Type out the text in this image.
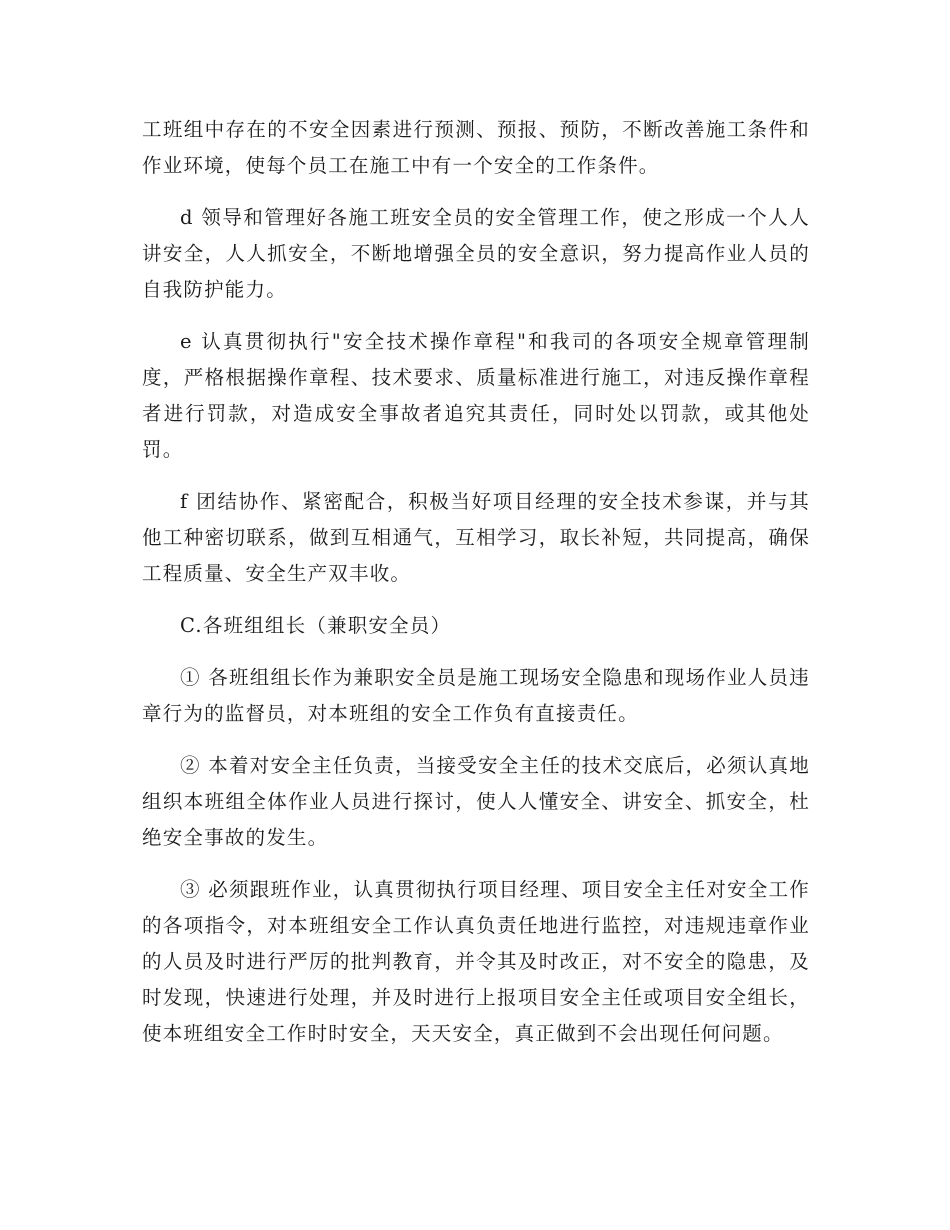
工班组中存在的不安全因素进行预测、预报、预防，不断改善施工条件和作业环境，使每个员工在施工中有一个安全的工作条件。

d 领导和管理好各施工班安全员的安全管理工作，使之形成一个人人讲安全，人人抓安全，不断地增强全员的安全意识，努力提高作业人员的自我防护能力。

e 认真贯彻执行"安全技术操作章程"和我司的各项安全规章管理制度，严格根据操作章程、技术要求、质量标准进行施工，对违反操作章程者进行罚款，对造成安全事故者追究其责任，同时处以罚款，或其他处罚。

f 团结协作、紧密配合，积极当好项目经理的安全技术参谋，并与其他工种密切联系，做到互相通气，互相学习，取长补短，共同提高，确保工程质量、安全生产双丰收。

C.各班组组长（兼职安全员）

① 各班组组长作为兼职安全员是施工现场安全隐患和现场作业人员违章行为的监督员，对本班组的安全工作负有直接责任。

② 本着对安全主任负责，当接受安全主任的技术交底后，必须认真地组织本班组全体作业人员进行探讨，使人人懂安全、讲安全、抓安全，杜绝安全事故的发生。

③ 必须跟班作业，认真贯彻执行项目经理、项目安全主任对安全工作的各项指令，对本班组安全工作认真负责任地进行监控，对违规违章作业的人员及时进行严厉的批判教育，并令其及时改正，对不安全的隐患，及时发现，快速进行处理，并及时进行上报项目安全主任或项目安全组长，使本班组安全工作时时安全，天天安全，真正做到不会出现任何问题。
